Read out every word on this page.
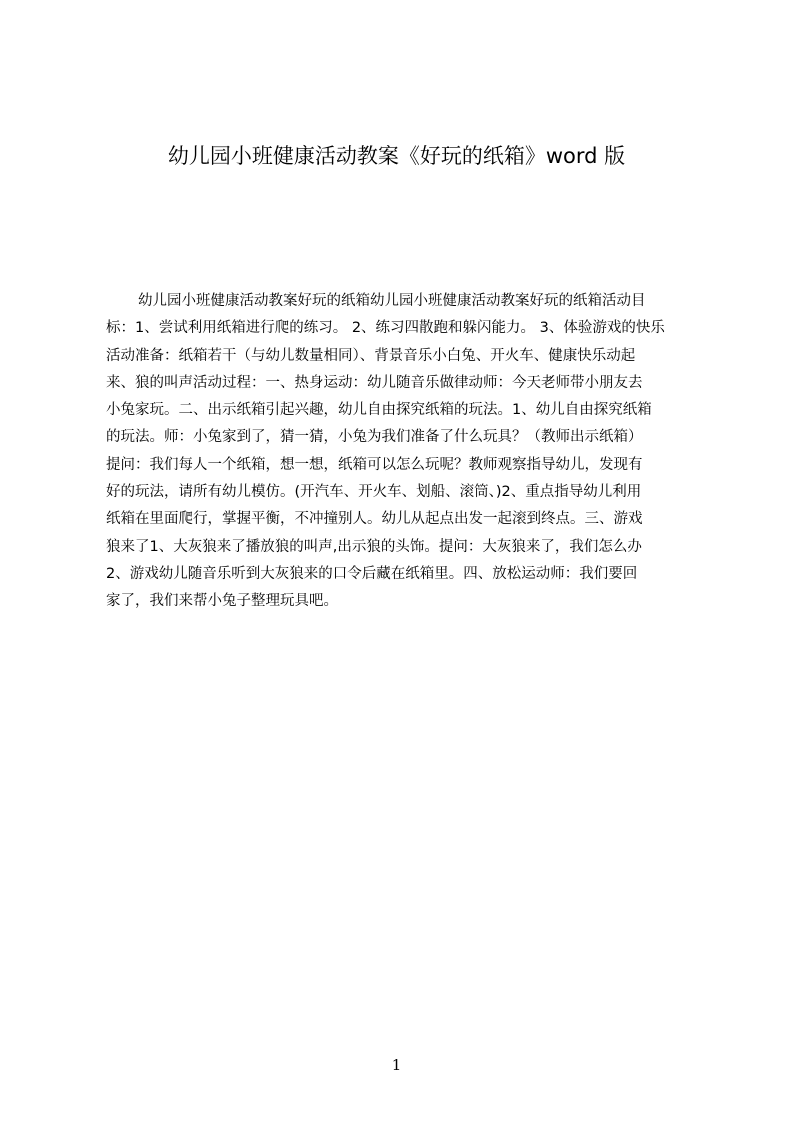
幼儿园小班健康活动教案《好玩的纸箱》word 版
幼儿园小班健康活动教案好玩的纸箱幼儿园小班健康活动教案好玩的纸箱活动目
标：1、尝试利用纸箱进行爬的练习。 2、练习四散跑和躲闪能力。 3、体验游戏的快乐
活动准备：纸箱若干（与幼儿数量相同）、背景音乐小白兔、开火车、健康快乐动起
来、狼的叫声活动过程：一、热身运动：幼儿随音乐做律动师：今天老师带小朋友去
小兔家玩。二、出示纸箱引起兴趣，幼儿自由探究纸箱的玩法。1、幼儿自由探究纸箱
的玩法。师：小兔家到了，猜一猜，小兔为我们准备了什么玩具？（教师出示纸箱）
提问：我们每人一个纸箱，想一想，纸箱可以怎么玩呢？教师观察指导幼儿，发现有
好的玩法，请所有幼儿模仿。(开汽车、开火车、划船、滚筒、)2、重点指导幼儿利用
纸箱在里面爬行，掌握平衡，不冲撞别人。幼儿从起点出发一起滚到终点。三、游戏
狼来了1、大灰狼来了播放狼的叫声,出示狼的头饰。提问：大灰狼来了，我们怎么办
2、游戏幼儿随音乐听到大灰狼来的口令后藏在纸箱里。四、放松运动师：我们要回
家了，我们来帮小兔子整理玩具吧。
1
